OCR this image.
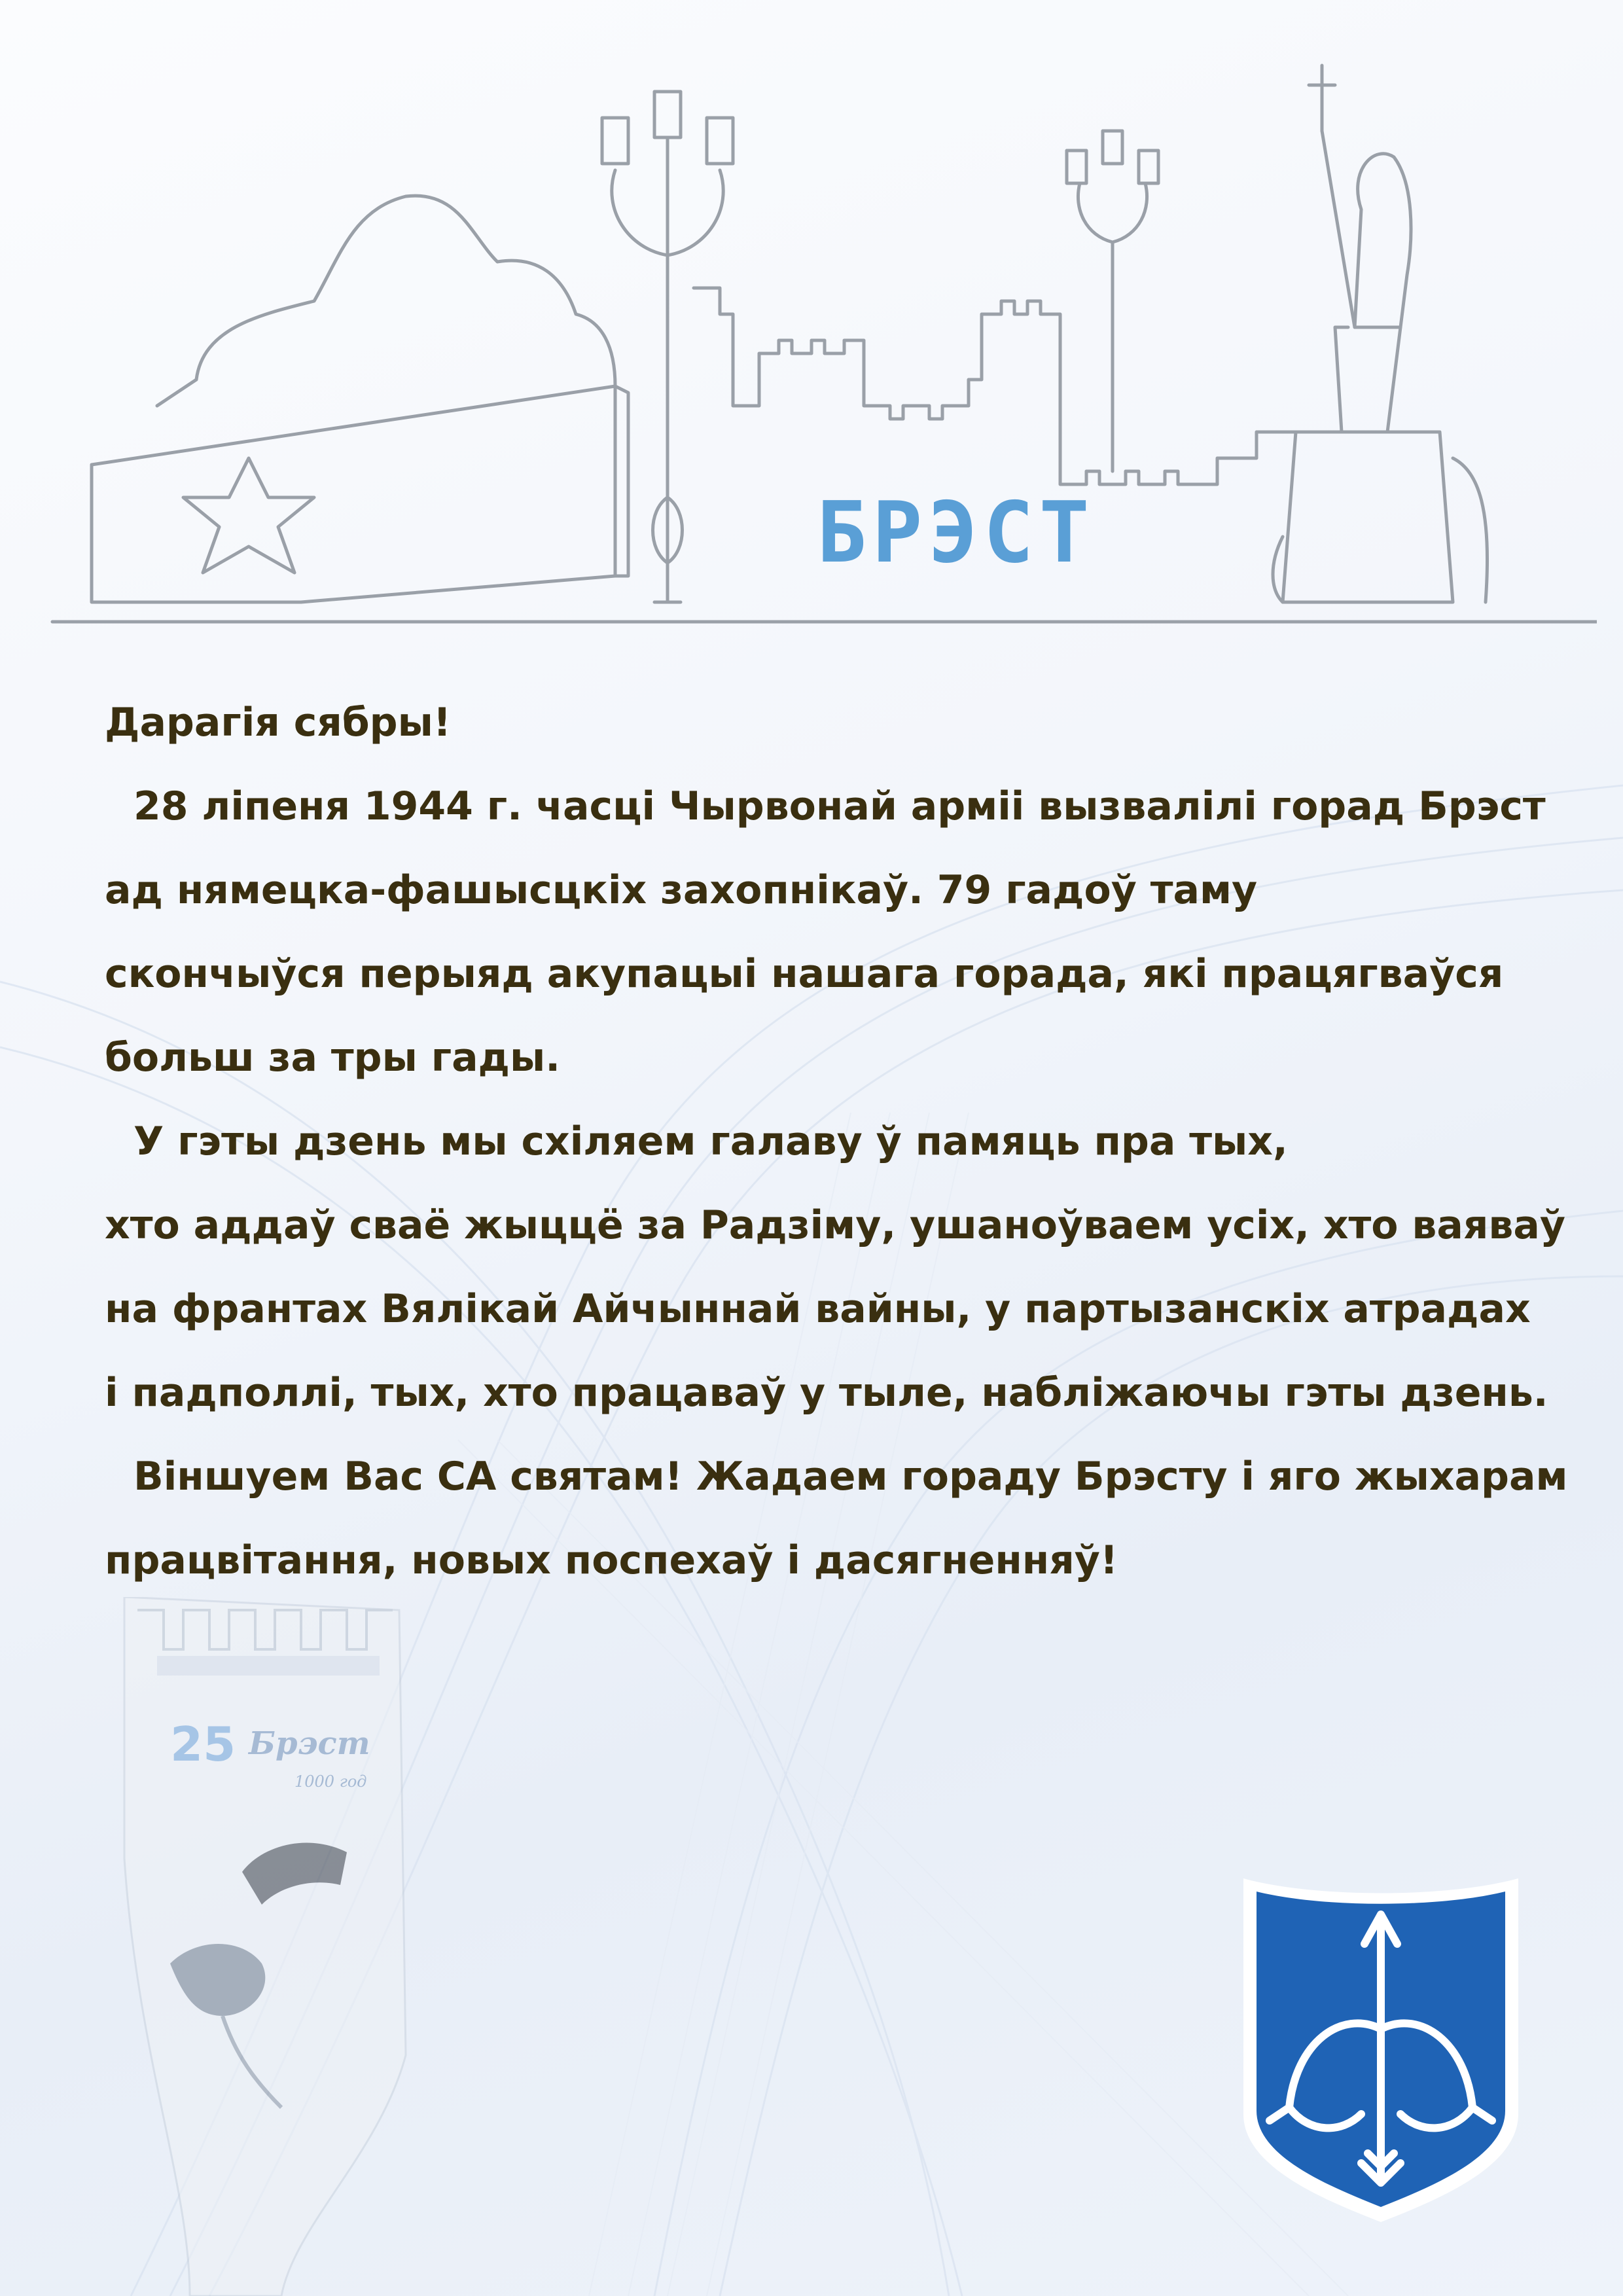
БРЭСТ

Дарагія сябры!

28 ліпеня 1944 г. часці Чырвонай арміі вызвалілі горад Брэст
ад нямецка-фашысцкіх захопнікаў. 79 гадоў таму
скончыўся перыяд акупацыі нашага горада, які працягваўся
больш за тры гады.

У гэты дзень мы схіляем галаву ў памяць пра тых,
хто аддаў сваё жыццё за Радзіму, ушаноўваем усіх, хто ваяваў
на франтах Вялікай Айчыннай вайны, у партызанскіх атрадах
і падполлі, тых, хто працаваў у тыле, набліжаючы гэты дзень.

Віншуем Вас СА святам! Жадаем гораду Брэсту і яго жыхарам
працвітання, новых поспехаў і дасягненняў!

25 Брэст
1000 год
